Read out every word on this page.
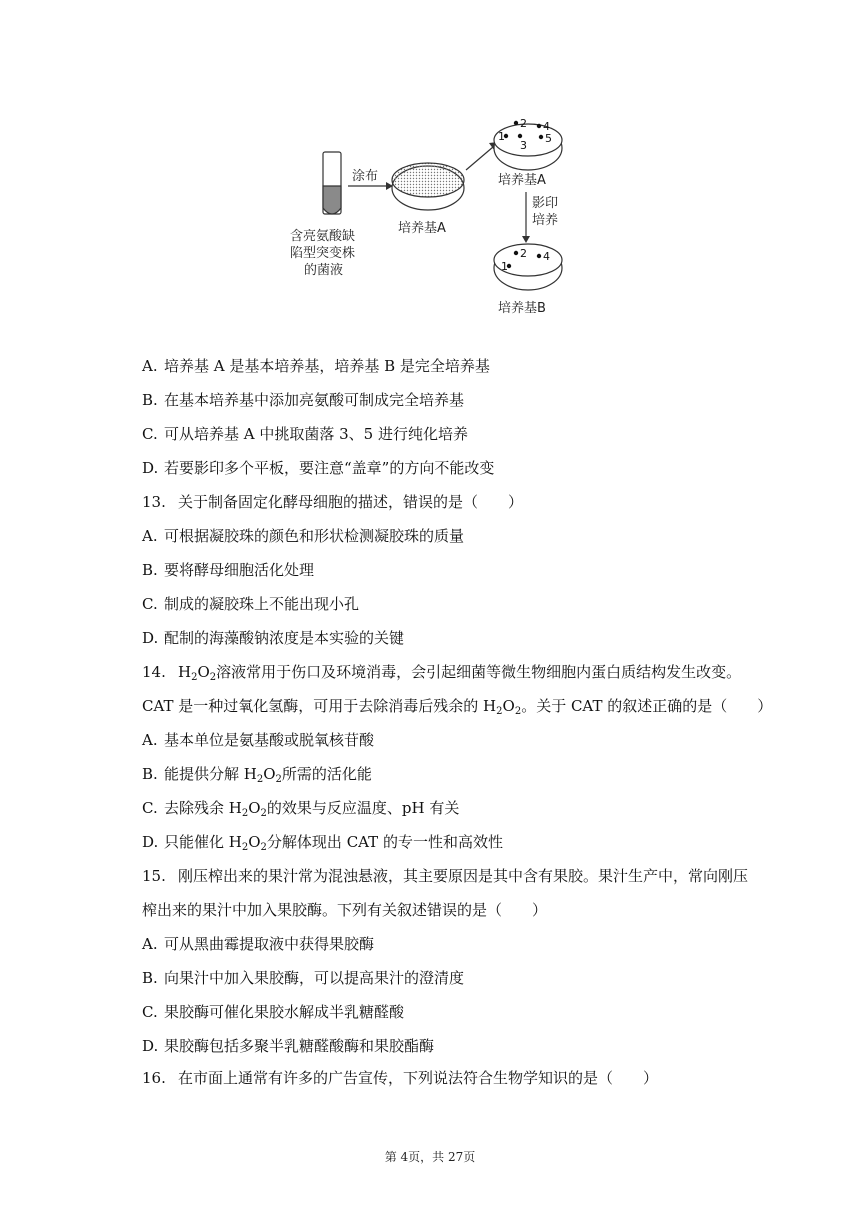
含亮氨酸缺
陷型突变株
的菌液
涂布
培养基A
1
2
3
4
5
培养基A
影印
培养
1
2 4
培养基B
A. 培养基 A 是基本培养基，培养基 B 是完全培养基
B. 在基本培养基中添加亮氨酸可制成完全培养基
C. 可从培养基 A 中挑取菌落 3、5 进行纯化培养
D. 若要影印多个平板，要注意“盖章”的方向不能改变
13. 关于制备固定化酵母细胞的描述，错误的是（　　）
A. 可根据凝胶珠的颜色和形状检测凝胶珠的质量
B. 要将酵母细胞活化处理
C. 制成的凝胶珠上不能出现小孔
D. 配制的海藻酸钠浓度是本实验的关键
14. $H_2O_2$溶液常用于伤口及环境消毒，会引起细菌等微生物细胞内蛋白质结构发生改变。
CAT 是一种过氧化氢酶，可用于去除消毒后残余的 $H_2O_2$。关于 CAT 的叙述正确的是（　　）
A. 基本单位是氨基酸或脱氧核苷酸
B. 能提供分解 $H_2O_2$所需的活化能
C. 去除残余 $H_2O_2$的效果与反应温度、pH 有关
D. 只能催化 $H_2O_2$分解体现出 CAT 的专一性和高效性
15. 刚压榨出来的果汁常为混浊悬液，其主要原因是其中含有果胶。果汁生产中，常向刚压
榨出来的果汁中加入果胶酶。下列有关叙述错误的是（　　）
A. 可从黑曲霉提取液中获得果胶酶
B. 向果汁中加入果胶酶，可以提高果汁的澄清度
C. 果胶酶可催化果胶水解成半乳糖醛酸
D. 果胶酶包括多聚半乳糖醛酸酶和果胶酯酶
16. 在市面上通常有许多的广告宣传，下列说法符合生物学知识的是（　　）
第 4页，共 27页
